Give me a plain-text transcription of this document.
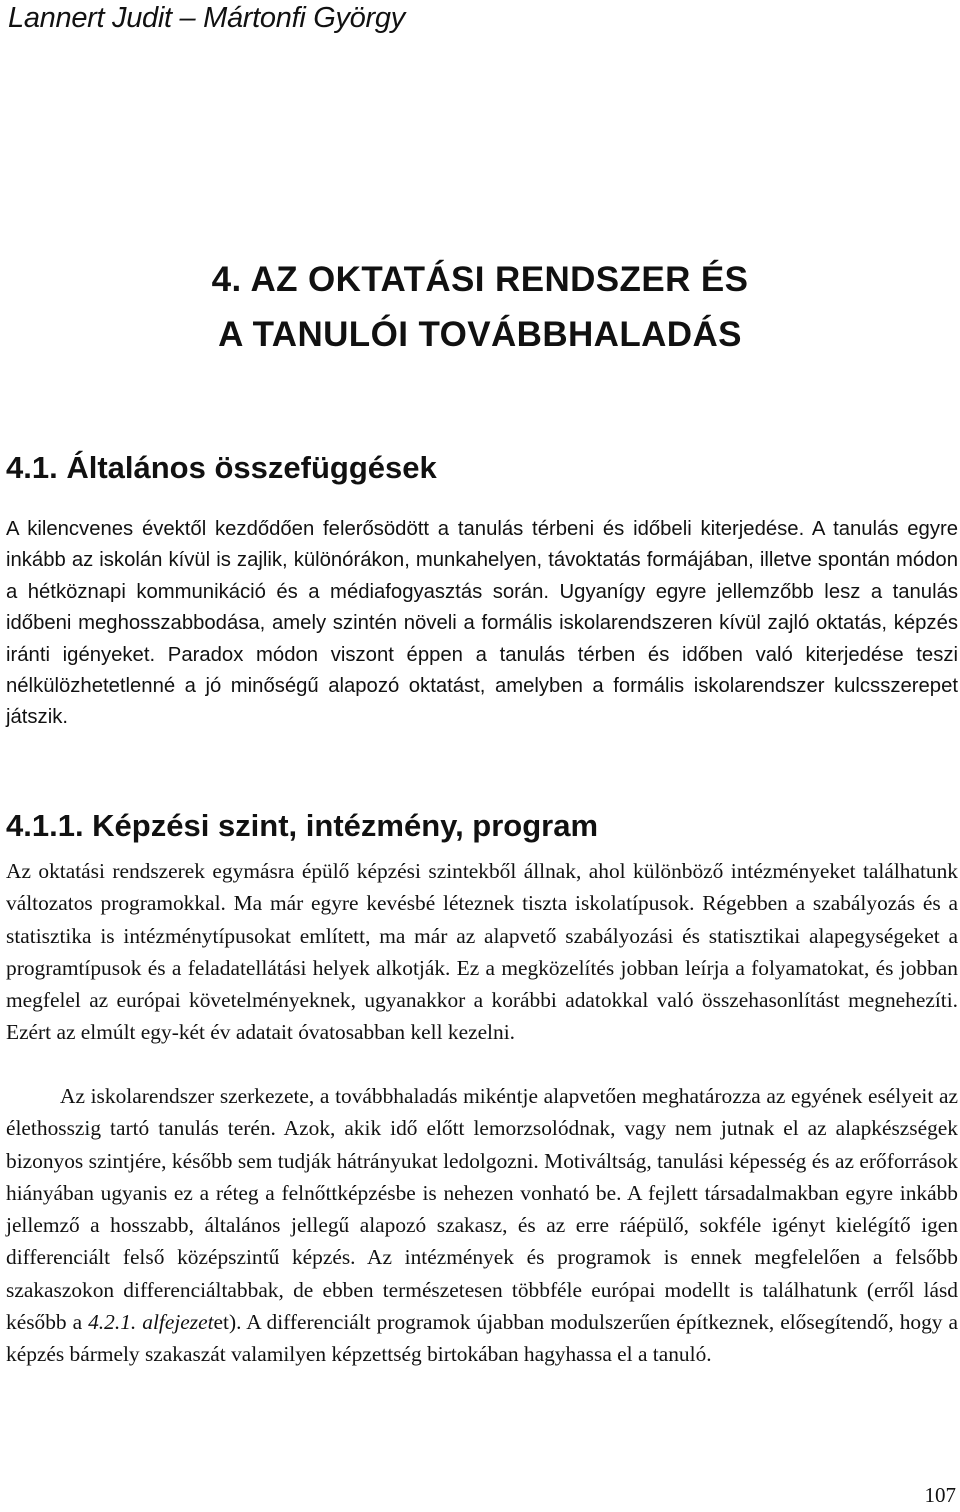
Lannert Judit – Mártonfi György
4. AZ OKTATÁSI RENDSZER ÉS
A TANULÓI TOVÁBBHALADÁS
4.1. Általános összefüggések

A kilencvenes évektől kezdődően felerősödött a tanulás térbeni és időbeli kiterjedése. A tanulás egyre inkább az iskolán kívül is zajlik, különórákon, munkahelyen, távoktatás formájában, illetve spontán módon a hétköznapi kommunikáció és a médiafogyasztás során. Ugyanígy egyre jellemzőbb lesz a tanulás időbeni meghosszabbodása, amely szintén növeli a formális iskolarendszeren kívül zajló oktatás, képzés iránti igényeket. Paradox módon viszont éppen a tanulás térben és időben való kiterjedése teszi nélkülözhetetlenné a jó minőségű alapozó oktatást, amelyben a formális iskolarendszer kulcsszerepet játszik.

4.1.1. Képzési szint, intézmény, program

Az oktatási rendszerek egymásra épülő képzési szintekből állnak, ahol különböző intézményeket találhatunk változatos programokkal. Ma már egyre kevésbé léteznek tiszta iskolatípusok. Régebben a szabályozás és a statisztika is intézménytípusokat említett, ma már az alapvető szabályozási és statisztikai alapegységeket a programtípusok és a feladatellátási helyek alkotják. Ez a megközelítés jobban leírja a folyamatokat, és jobban megfelel az európai követelményeknek, ugyanakkor a korábbi adatokkal való összehasonlítást megnehezíti. Ezért az elmúlt egy-két év adatait óvatosabban kell kezelni.

Az iskolarendszer szerkezete, a továbbhaladás mikéntje alapvetően meghatározza az egyének esélyeit az élethosszig tartó tanulás terén. Azok, akik idő előtt lemorzsolódnak, vagy nem jutnak el az alapkészségek bizonyos szintjére, később sem tudják hátrányukat ledolgozni. Motiváltság, tanulási képesség és az erőforrások hiányában ugyanis ez a réteg a felnőttképzésbe is nehezen vonható be. A fejlett társadalmakban egyre inkább jellemző a hosszabb, általános jellegű alapozó szakasz, és az erre ráépülő, sokféle igényt kielégítő igen differenciált felső középszintű képzés. Az intézmények és programok is ennek megfelelően a felsőbb szakaszokon differenciáltabbak, de ebben természetesen többféle európai modellt is találhatunk (erről lásd később a 4.2.1. alfejezetet). A differenciált programok újabban modulszerűen építkeznek, elősegítendő, hogy a képzés bármely szakaszát valamilyen képzettség birtokában hagyhassa el a tanuló.

107
